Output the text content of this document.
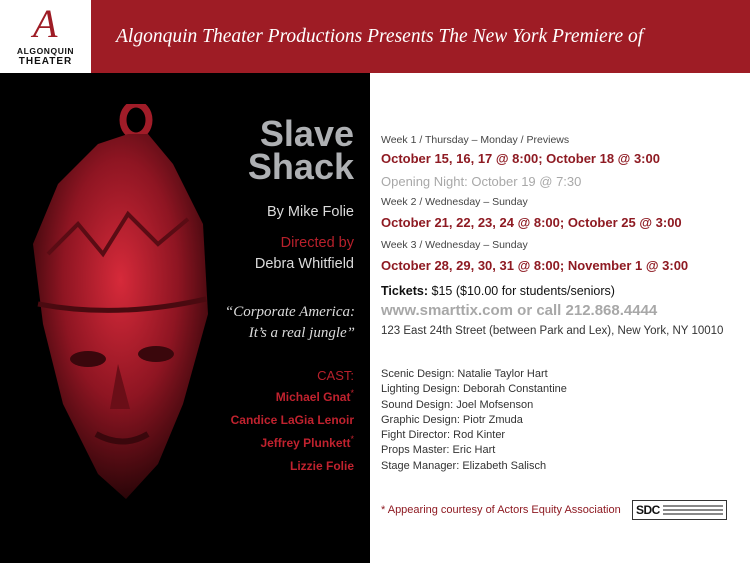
A
ALGONQUIN
THEATER
Algonquin Theater Productions Presents The New York Premiere of
Slave
Shack
By Mike Folie
Directed by
Debra Whitfield
“Corporate America:
It’s a real jungle”
CAST:
Michael Gnat*
Candice LaGia Lenoir
Jeffrey Plunkett*
Lizzie Folie
Week 1 / Thursday – Monday / Previews
October 15, 16, 17 @ 8:00; October 18 @ 3:00
Opening Night: October 19 @ 7:30
Week 2 / Wednesday – Sunday
October 21, 22, 23, 24 @ 8:00; October 25 @ 3:00
Week 3 / Wednesday – Sunday
October 28, 29, 30, 31 @ 8:00; November 1 @ 3:00
Tickets: $15 ($10.00 for students/seniors)
www.smarttix.com or call 212.868.4444
123 East 24th Street (between Park and Lex), New York, NY 10010
Scenic Design: Natalie Taylor Hart
Lighting Design: Deborah Constantine
Sound Design: Joel Mofsenson
Graphic Design: Piotr Zmuda
Fight Director: Rod Kinter
Props Master: Eric Hart
Stage Manager: Elizabeth Salisch
* Appearing courtesy of Actors Equity Association SDC
